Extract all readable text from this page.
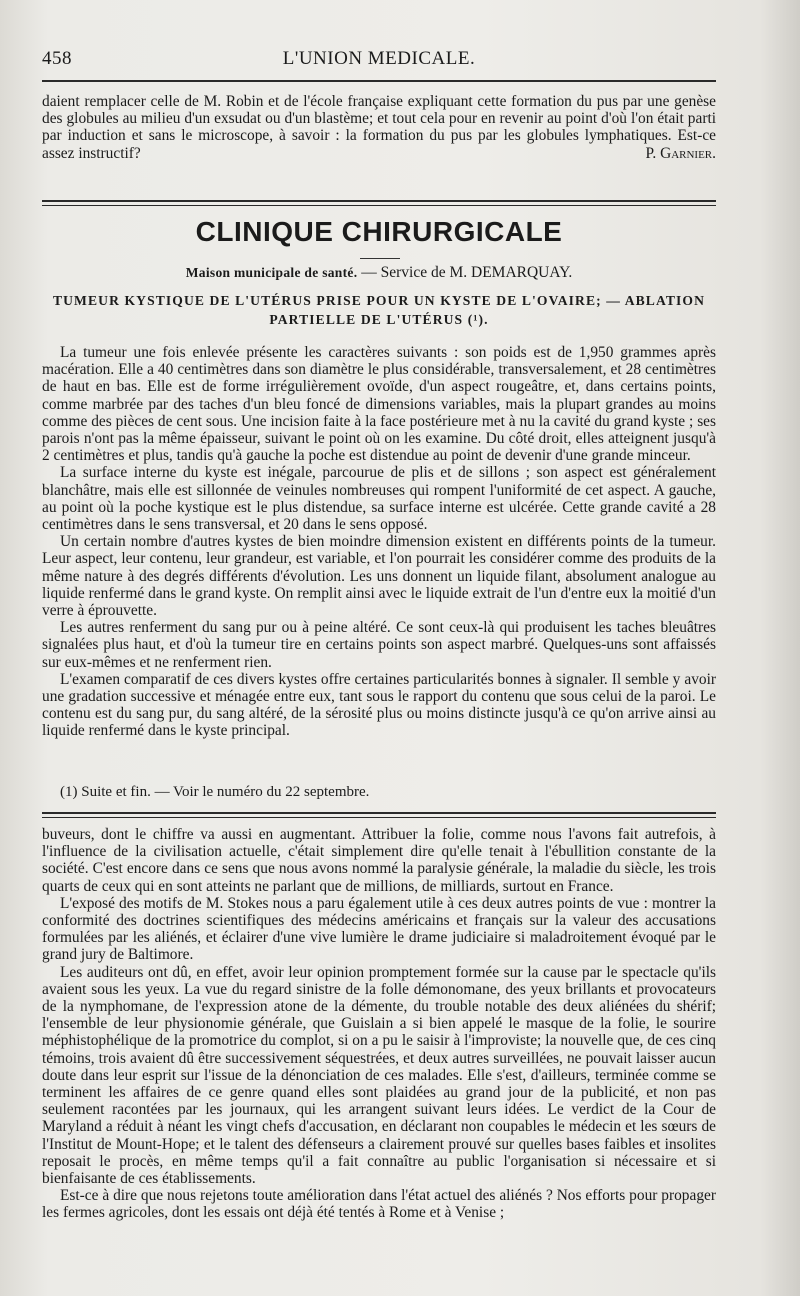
458	L'UNION MEDICALE.

daient remplacer celle de M. Robin et de l'école française expliquant cette formation du pus par une genèse des globules au milieu d'un exsudat ou d'un blastème; et tout cela pour en revenir au point d'où l'on était parti par induction et sans le microscope, à savoir : la formation du pus par les globules lymphatiques. Est-ce assez instructif?	P. Garnier.
CLINIQUE CHIRURGICALE
Maison municipale de santé. — Service de M. DEMARQUAY.
TUMEUR KYSTIQUE DE L'UTÉRUS PRISE POUR UN KYSTE DE L'OVAIRE; — ABLATION
PARTIELLE DE L'UTÉRUS (¹).

La tumeur une fois enlevée présente les caractères suivants : son poids est de 1,950 grammes après macération. Elle a 40 centimètres dans son diamètre le plus considérable, transversalement, et 28 centimètres de haut en bas. Elle est de forme irrégulièrement ovoïde, d'un aspect rougeâtre, et, dans certains points, comme marbrée par des taches d'un bleu foncé de dimensions variables, mais la plupart grandes au moins comme des pièces de cent sous. Une incision faite à la face postérieure met à nu la cavité du grand kyste ; ses parois n'ont pas la même épaisseur, suivant le point où on les examine. Du côté droit, elles atteignent jusqu'à 2 centimètres et plus, tandis qu'à gauche la poche est distendue au point de devenir d'une grande minceur.

La surface interne du kyste est inégale, parcourue de plis et de sillons ; son aspect est généralement blanchâtre, mais elle est sillonnée de veinules nombreuses qui rompent l'uniformité de cet aspect. A gauche, au point où la poche kystique est le plus distendue, sa surface interne est ulcérée. Cette grande cavité a 28 centimètres dans le sens transversal, et 20 dans le sens opposé.

Un certain nombre d'autres kystes de bien moindre dimension existent en différents points de la tumeur. Leur aspect, leur contenu, leur grandeur, est variable, et l'on pourrait les considérer comme des produits de la même nature à des degrés différents d'évolution. Les uns donnent un liquide filant, absolument analogue au liquide renfermé dans le grand kyste. On remplit ainsi avec le liquide extrait de l'un d'entre eux la moitié d'un verre à éprouvette.

Les autres renferment du sang pur ou à peine altéré. Ce sont ceux-là qui produisent les taches bleuâtres signalées plus haut, et d'où la tumeur tire en certains points son aspect marbré. Quelques-uns sont affaissés sur eux-mêmes et ne renferment rien.

L'examen comparatif de ces divers kystes offre certaines particularités bonnes à signaler. Il semble y avoir une gradation successive et ménagée entre eux, tant sous le rapport du contenu que sous celui de la paroi. Le contenu est du sang pur, du sang altéré, de la sérosité plus ou moins distincte jusqu'à ce qu'on arrive ainsi au liquide renfermé dans le kyste principal.

(1) Suite et fin. — Voir le numéro du 22 septembre.

buveurs, dont le chiffre va aussi en augmentant. Attribuer la folie, comme nous l'avons fait autrefois, à l'influence de la civilisation actuelle, c'était simplement dire qu'elle tenait à l'ébullition constante de la société. C'est encore dans ce sens que nous avons nommé la paralysie générale, la maladie du siècle, les trois quarts de ceux qui en sont atteints ne parlant que de millions, de milliards, surtout en France.

L'exposé des motifs de M. Stokes nous a paru également utile à ces deux autres points de vue : montrer la conformité des doctrines scientifiques des médecins américains et français sur la valeur des accusations formulées par les aliénés, et éclairer d'une vive lumière le drame judiciaire si maladroitement évoqué par le grand jury de Baltimore.

Les auditeurs ont dû, en effet, avoir leur opinion promptement formée sur la cause par le spectacle qu'ils avaient sous les yeux. La vue du regard sinistre de la folle démonomane, des yeux brillants et provocateurs de la nymphomane, de l'expression atone de la démente, du trouble notable des deux aliénées du shérif; l'ensemble de leur physionomie générale, que Guislain a si bien appelé le masque de la folie, le sourire méphistophélique de la promotrice du complot, si on a pu le saisir à l'improviste; la nouvelle que, de ces cinq témoins, trois avaient dû être successivement séquestrées, et deux autres surveillées, ne pouvait laisser aucun doute dans leur esprit sur l'issue de la dénonciation de ces malades. Elle s'est, d'ailleurs, terminée comme se terminent les affaires de ce genre quand elles sont plaidées au grand jour de la publicité, et non pas seulement racontées par les journaux, qui les arrangent suivant leurs idées. Le verdict de la Cour de Maryland a réduit à néant les vingt chefs d'accusation, en déclarant non coupables le médecin et les sœurs de l'Institut de Mount-Hope; et le talent des défenseurs a clairement prouvé sur quelles bases faibles et insolites reposait le procès, en même temps qu'il a fait connaître au public l'organisation si nécessaire et si bienfaisante de ces établissements.

Est-ce à dire que nous rejetons toute amélioration dans l'état actuel des aliénés ? Nos efforts pour propager les fermes agricoles, dont les essais ont déjà été tentés à Rome et à Venise ;
